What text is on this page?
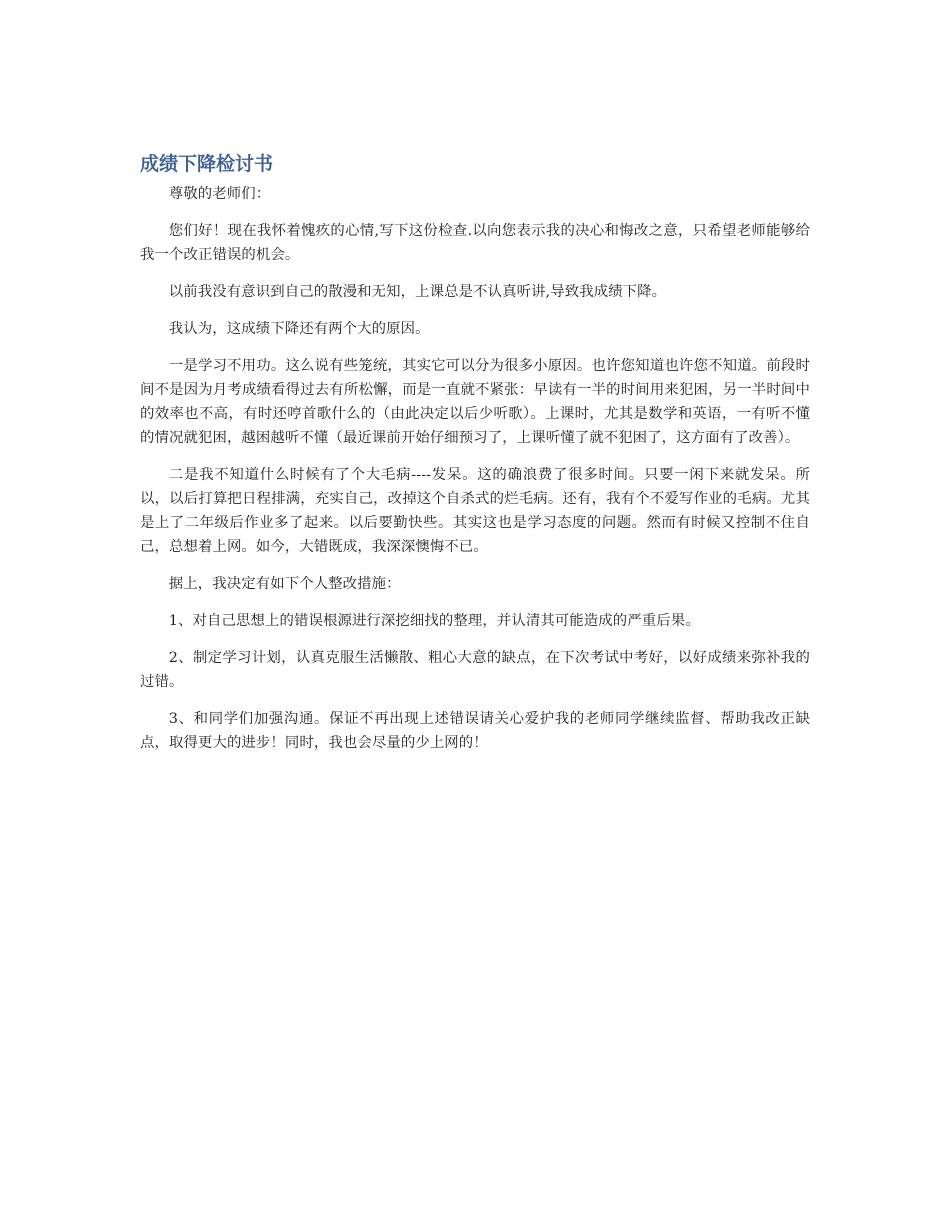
成绩下降检讨书

尊敬的老师们：

您们好！现在我怀着愧疚的心情,写下这份检查.以向您表示我的决心和悔改之意，只希望老师能够给我一个改正错误的机会。

以前我没有意识到自己的散漫和无知，上课总是不认真听讲,导致我成绩下降。

我认为，这成绩下降还有两个大的原因。

一是学习不用功。这么说有些笼统，其实它可以分为很多小原因。也许您知道也许您不知道。前段时间不是因为月考成绩看得过去有所松懈，而是一直就不紧张：早读有一半的时间用来犯困，另一半时间中的效率也不高，有时还哼首歌什么的（由此决定以后少听歌）。上课时，尤其是数学和英语，一有听不懂的情况就犯困，越困越听不懂（最近课前开始仔细预习了，上课听懂了就不犯困了，这方面有了改善）。

二是我不知道什么时候有了个大毛病----发呆。这的确浪费了很多时间。只要一闲下来就发呆。所以，以后打算把日程排满，充实自己，改掉这个自杀式的烂毛病。还有，我有个不爱写作业的毛病。尤其是上了二年级后作业多了起来。以后要勤快些。其实这也是学习态度的问题。然而有时候又控制不住自己，总想着上网。如今，大错既成，我深深懊悔不已。

据上，我决定有如下个人整改措施：

1、对自己思想上的错误根源进行深挖细找的整理，并认清其可能造成的严重后果。

2、制定学习计划，认真克服生活懒散、粗心大意的缺点，在下次考试中考好，以好成绩来弥补我的过错。

3、和同学们加强沟通。保证不再出现上述错误请关心爱护我的老师同学继续监督、帮助我改正缺点，取得更大的进步！同时，我也会尽量的少上网的！
